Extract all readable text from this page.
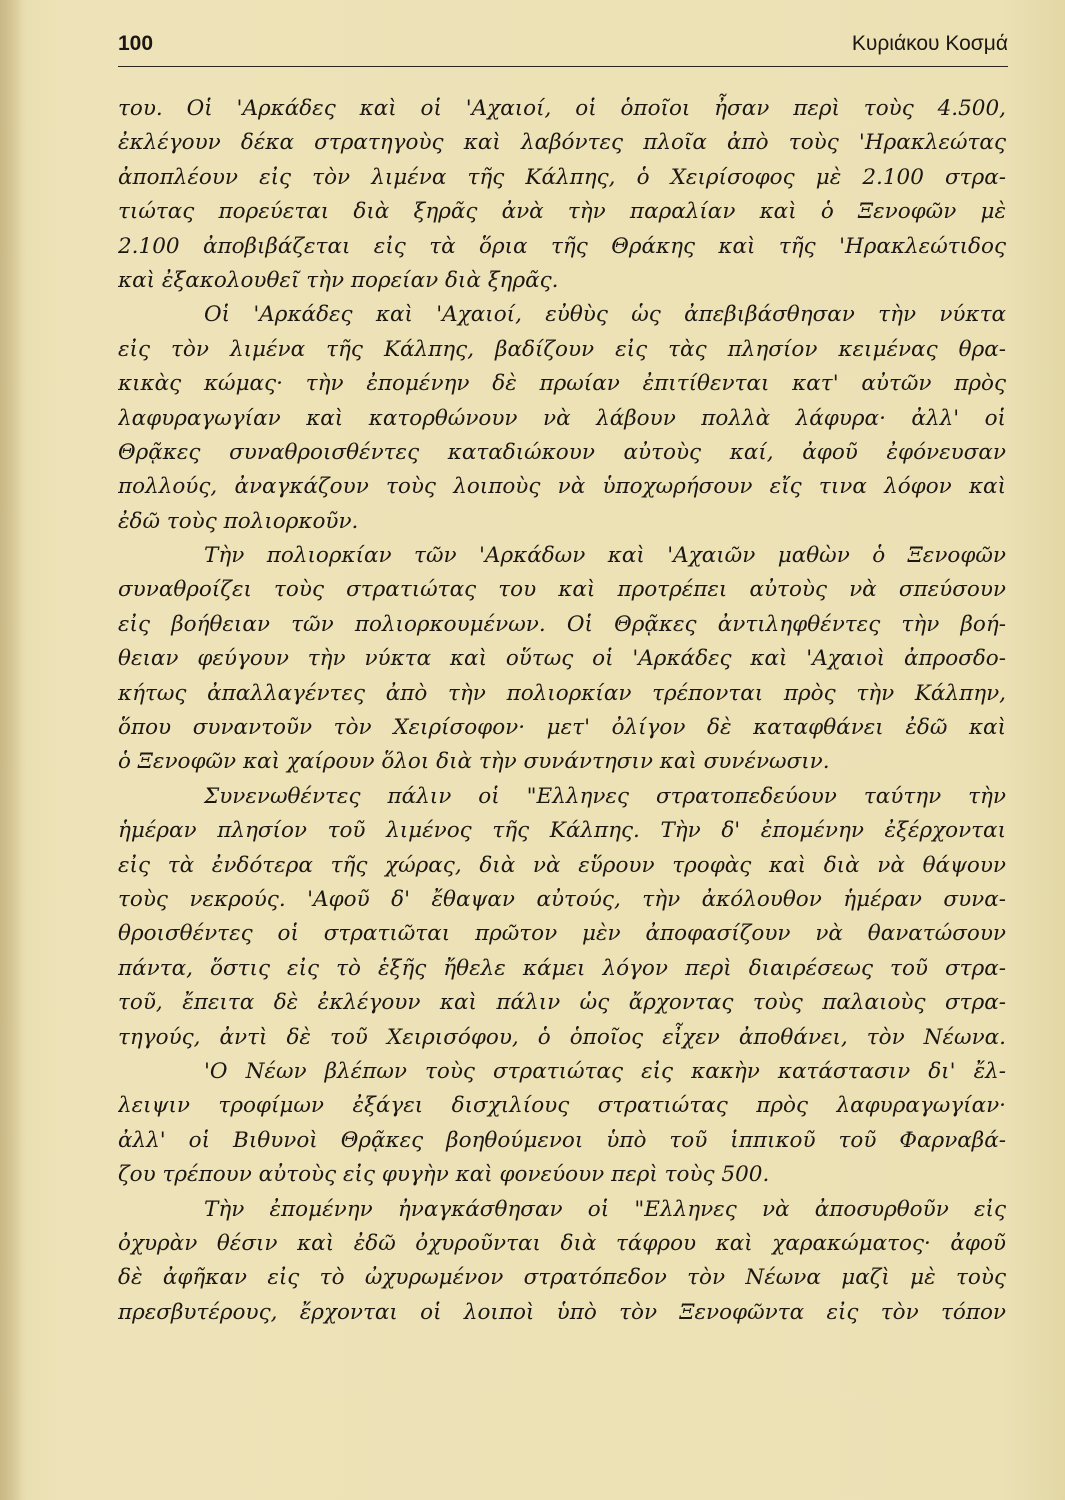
100	Κυριάκου Κοσμά
του. Οἱ 'Αρκάδες καὶ οἱ 'Αχαιοί, οἱ ὁποῖοι ἦσαν περὶ τοὺς 4.500,
ἐκλέγουν δέκα στρατηγοὺς καὶ λαβόντες πλοῖα ἀπὸ τοὺς 'Ηρακλεώτας
ἀποπλέουν εἰς τὸν λιμένα τῆς Κάλπης, ὁ Χειρίσοφος μὲ 2.100 στρα-
τιώτας πορεύεται διὰ ξηρᾶς ἀνὰ τὴν παραλίαν καὶ ὁ Ξενοφῶν μὲ
2.100 ἀποβιβάζεται εἰς τὰ ὅρια τῆς Θράκης καὶ τῆς 'Ηρακλεώτιδος
καὶ ἐξακολουθεῖ τὴν πορείαν διὰ ξηρᾶς.
Οἱ 'Αρκάδες καὶ 'Αχαιοί, εὐθὺς ὡς ἀπεβιβάσθησαν τὴν νύκτα
εἰς τὸν λιμένα τῆς Κάλπης, βαδίζουν εἰς τὰς πλησίον κειμένας θρα-
κικὰς κώμας· τὴν ἐπομένην δὲ πρωίαν ἐπιτίθενται κατ' αὐτῶν πρὸς
λαφυραγωγίαν καὶ κατορθώνουν νὰ λάβουν πολλὰ λάφυρα· ἀλλ' οἱ
Θρᾷκες συναθροισθέντες καταδιώκουν αὐτοὺς καί, ἀφοῦ ἐφόνευσαν
πολλούς, ἀναγκάζουν τοὺς λοιποὺς νὰ ὑποχωρήσουν εἴς τινα λόφον καὶ
ἐδῶ τοὺς πολιορκοῦν.
Τὴν πολιορκίαν τῶν 'Αρκάδων καὶ 'Αχαιῶν μαθὼν ὁ Ξενοφῶν
συναθροίζει τοὺς στρατιώτας του καὶ προτρέπει αὐτοὺς νὰ σπεύσουν
εἰς βοήθειαν τῶν πολιορκουμένων. Οἱ Θρᾷκες ἀντιληφθέντες τὴν βοή-
θειαν φεύγουν τὴν νύκτα καὶ οὕτως οἱ 'Αρκάδες καὶ 'Αχαιοὶ ἀπροσδο-
κήτως ἀπαλλαγέντες ἀπὸ τὴν πολιορκίαν τρέπονται πρὸς τὴν Κάλπην,
ὅπου συναντοῦν τὸν Χειρίσοφον· μετ' ὀλίγον δὲ καταφθάνει ἐδῶ καὶ
ὁ Ξενοφῶν καὶ χαίρουν ὅλοι διὰ τὴν συνάντησιν καὶ συνένωσιν.
Συνενωθέντες πάλιν οἱ "Ελληνες στρατοπεδεύουν ταύτην τὴν
ἡμέραν πλησίον τοῦ λιμένος τῆς Κάλπης. Τὴν δ' ἐπομένην ἐξέρχονται
εἰς τὰ ἐνδότερα τῆς χώρας, διὰ νὰ εὕρουν τροφὰς καὶ διὰ νὰ θάψουν
τοὺς νεκρούς. 'Αφοῦ δ' ἔθαψαν αὐτούς, τὴν ἀκόλουθον ἡμέραν συνα-
θροισθέντες οἱ στρατιῶται πρῶτον μὲν ἀποφασίζουν νὰ θανατώσουν
πάντα, ὅστις εἰς τὸ ἑξῆς ἤθελε κάμει λόγον περὶ διαιρέσεως τοῦ στρα-
τοῦ, ἔπειτα δὲ ἐκλέγουν καὶ πάλιν ὡς ἄρχοντας τοὺς παλαιοὺς στρα-
τηγούς, ἀντὶ δὲ τοῦ Χειρισόφου, ὁ ὁποῖος εἶχεν ἀποθάνει, τὸν Νέωνα.
'Ο Νέων βλέπων τοὺς στρατιώτας εἰς κακὴν κατάστασιν δι' ἔλ-
λειψιν τροφίμων ἐξάγει δισχιλίους στρατιώτας πρὸς λαφυραγωγίαν·
ἀλλ' οἱ Βιθυνοὶ Θρᾷκες βοηθούμενοι ὑπὸ τοῦ ἱππικοῦ τοῦ Φαρναβά-
ζου τρέπουν αὐτοὺς εἰς φυγὴν καὶ φονεύουν περὶ τοὺς 500.
Τὴν ἐπομένην ἠναγκάσθησαν οἱ "Ελληνες νὰ ἀποσυρθοῦν εἰς
ὀχυρὰν θέσιν καὶ ἐδῶ ὀχυροῦνται διὰ τάφρου καὶ χαρακώματος· ἀφοῦ
δὲ ἀφῆκαν εἰς τὸ ὠχυρωμένον στρατόπεδον τὸν Νέωνα μαζὶ μὲ τοὺς
πρεσβυτέρους, ἔρχονται οἱ λοιποὶ ὑπὸ τὸν Ξενοφῶντα εἰς τὸν τόπον
